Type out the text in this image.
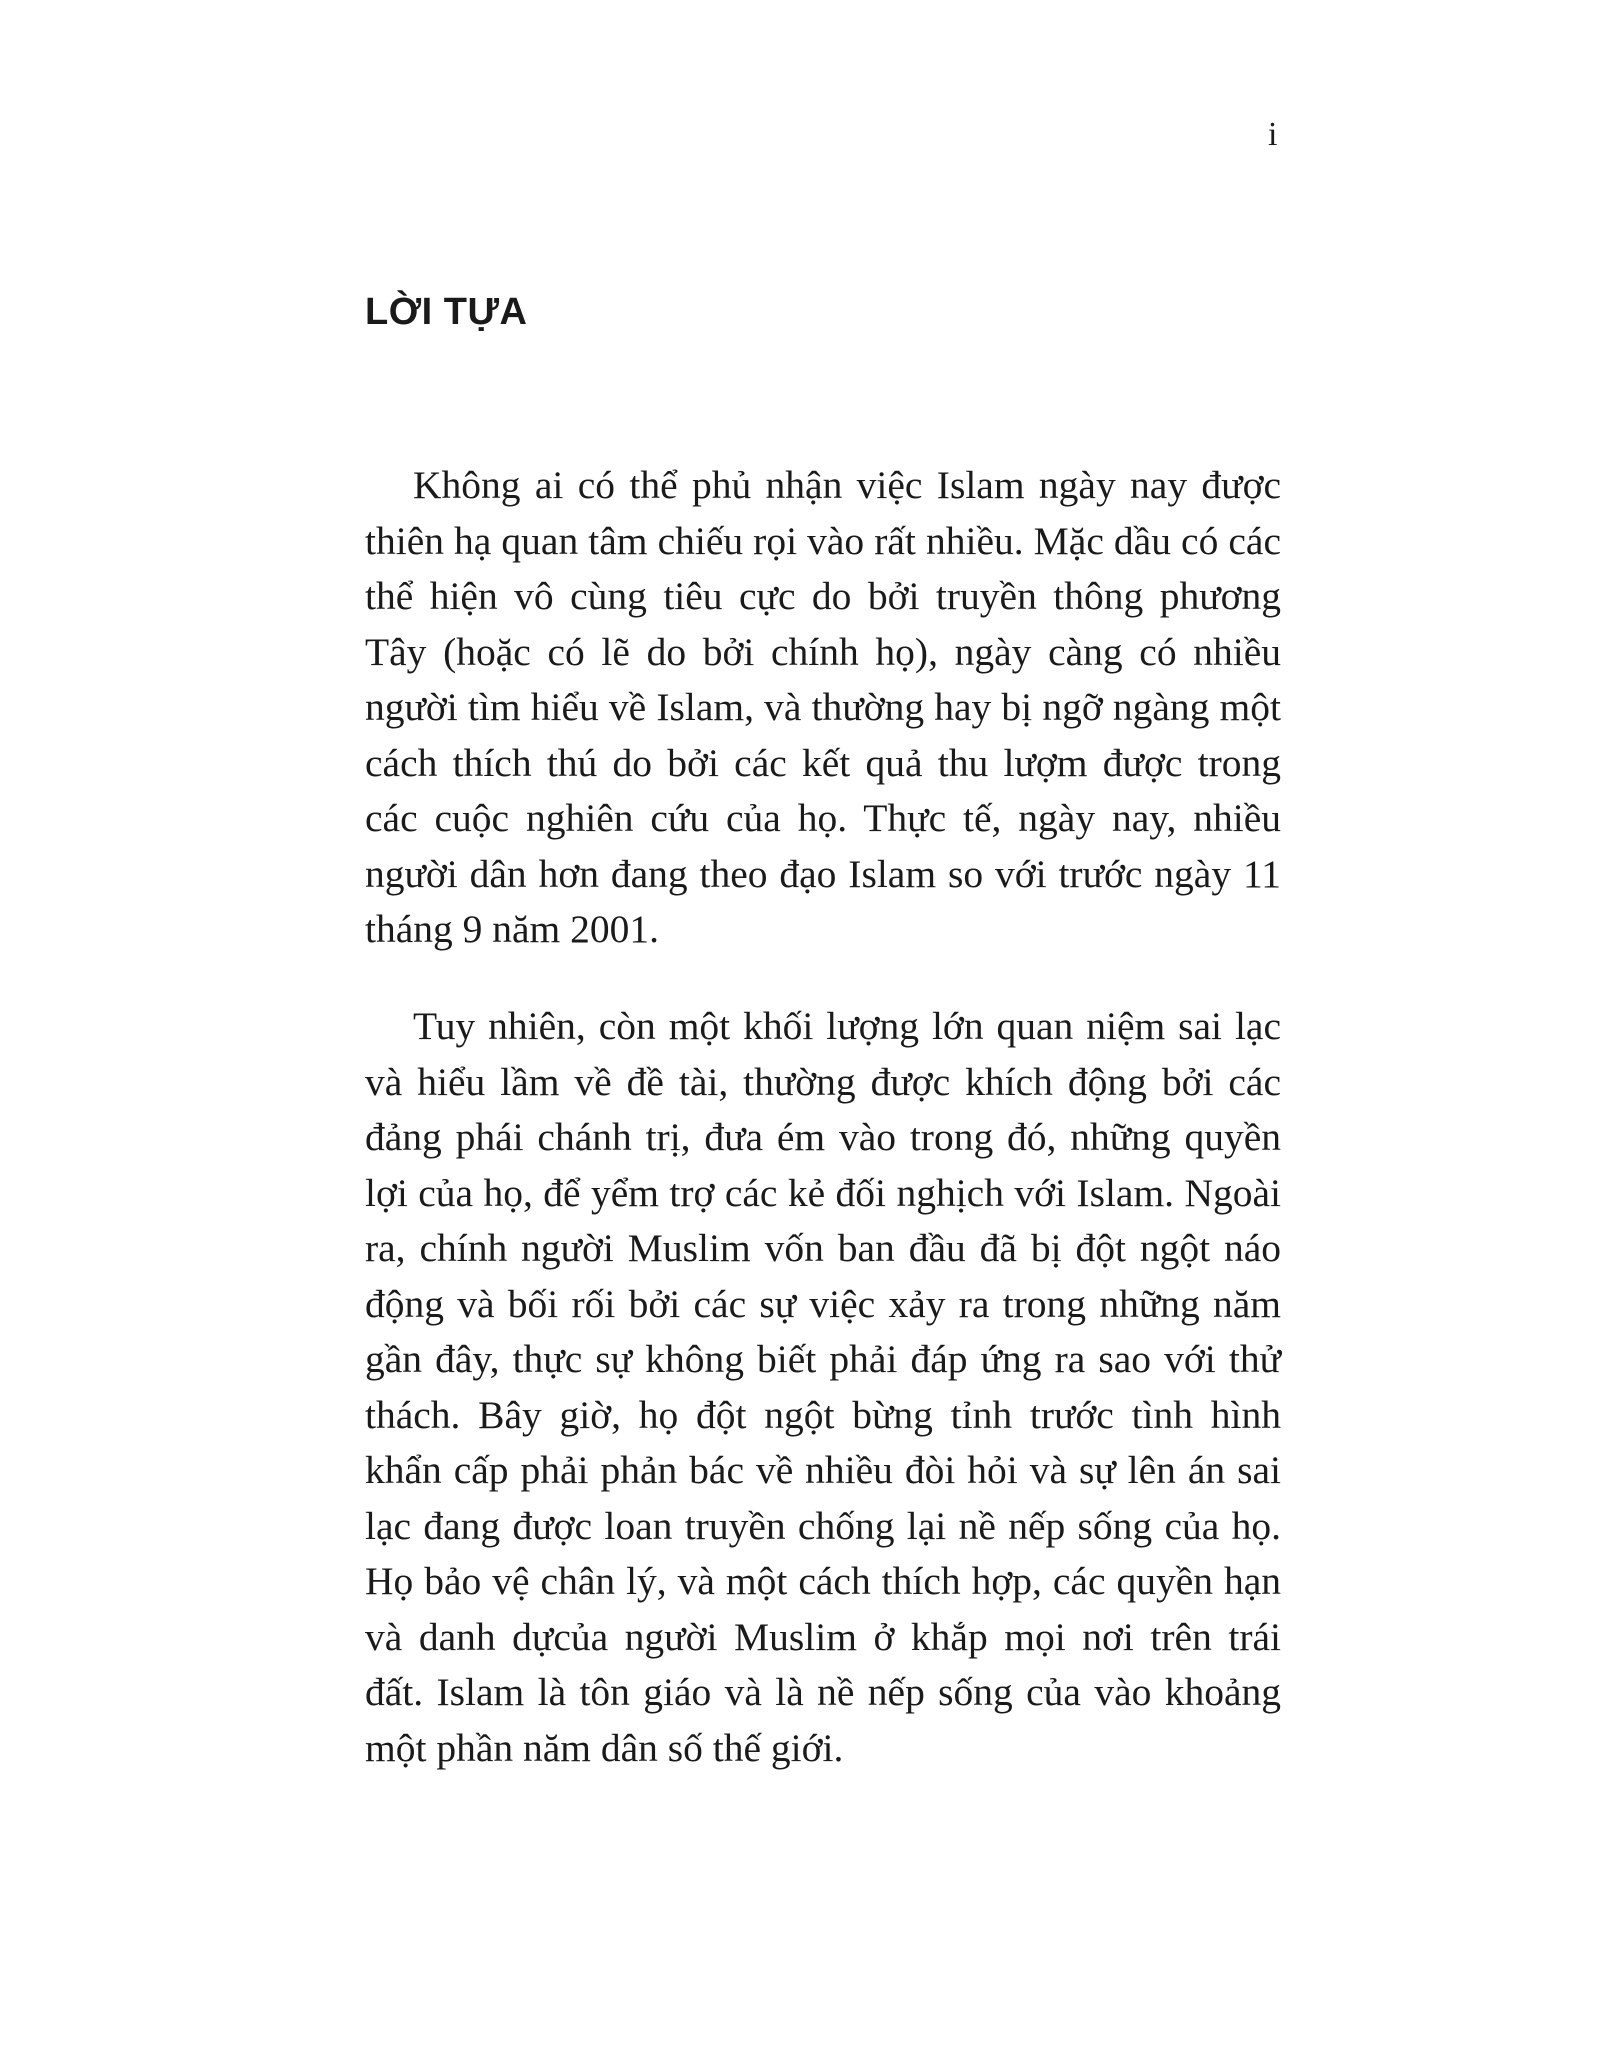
i
LỜI TỰA

Không ai có thể phủ nhận việc Islam ngày nay được thiên hạ quan tâm chiếu rọi vào rất nhiều. Mặc dầu có các thể hiện vô cùng tiêu cực do bởi truyền thông phương Tây (hoặc có lẽ do bởi chính họ), ngày càng có nhiều người tìm hiểu về Islam, và thường hay bị ngỡ ngàng một cách thích thú do bởi các kết quả thu lượm được trong các cuộc nghiên cứu của họ. Thực tế, ngày nay, nhiều người dân hơn đang theo đạo Islam so với trước ngày 11 tháng 9 năm 2001.

Tuy nhiên, còn một khối lượng lớn quan niệm sai lạc và hiểu lầm về đề tài, thường được khích động bởi các đảng phái chánh trị, đưa ém vào trong đó, những quyền lợi của họ, để yểm trợ các kẻ đối nghịch với Islam. Ngoài ra, chính người Muslim vốn ban đầu đã bị đột ngột náo động và bối rối bởi các sự việc xảy ra trong những năm gần đây, thực sự không biết phải đáp ứng ra sao với thử thách. Bây giờ, họ đột ngột bừng tỉnh trước tình hình khẩn cấp phải phản bác về nhiều đòi hỏi và sự lên án sai lạc đang được loan truyền chống lại nề nếp sống của họ. Họ bảo vệ chân lý, và một cách thích hợp, các quyền hạn và danh dựcủa người Muslim ở khắp mọi nơi trên trái đất. Islam là tôn giáo và là nề nếp sống của vào khoảng một phần năm dân số thế giới.
